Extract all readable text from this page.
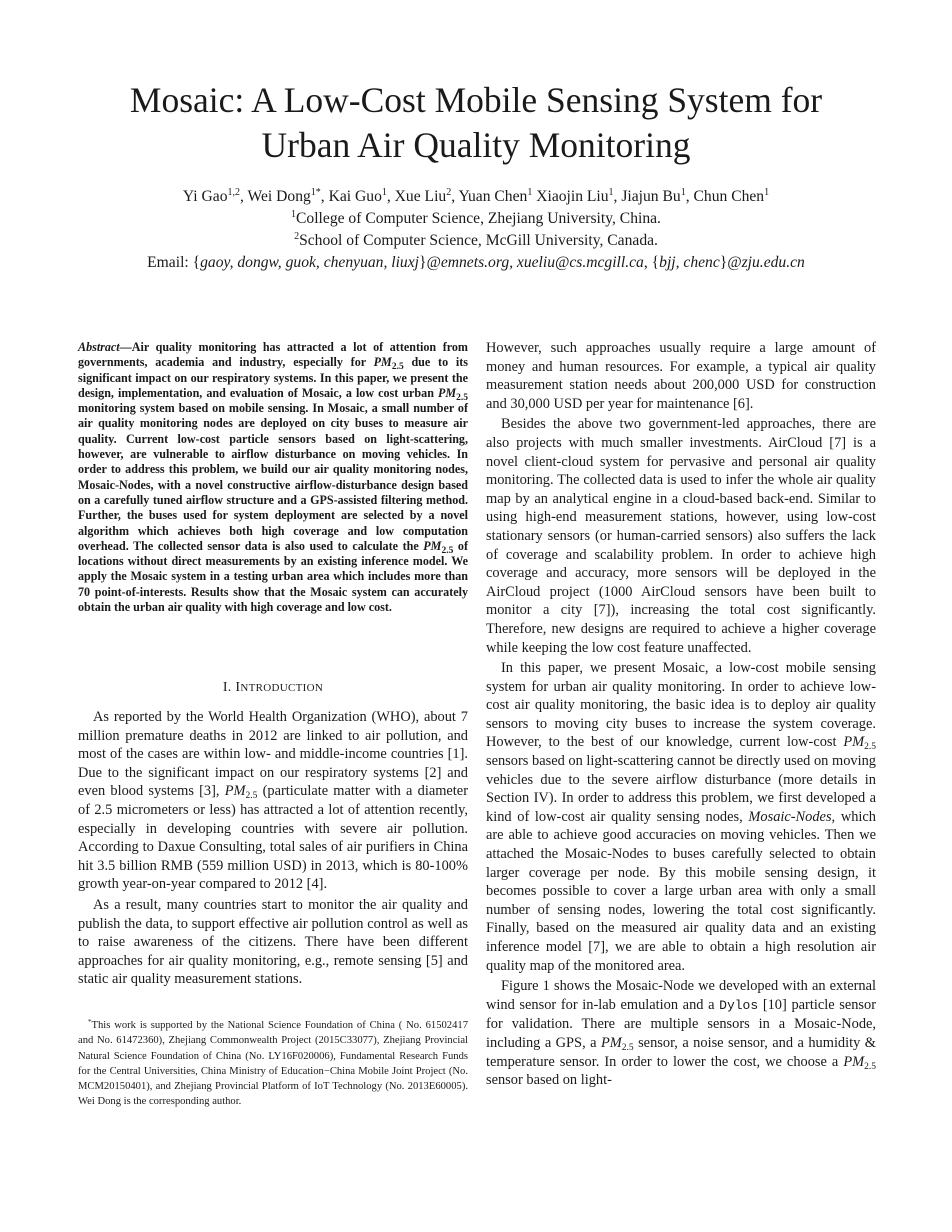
Mosaic: A Low-Cost Mobile Sensing System for
Urban Air Quality Monitoring
Yi Gao$^{1,2}$, Wei Dong$^{1*}$, Kai Guo$^1$, Xue Liu$^2$, Yuan Chen$^1$ Xiaojin Liu$^1$, Jiajun Bu$^1$, Chun Chen$^1$
$^1$College of Computer Science, Zhejiang University, China.
$^2$School of Computer Science, McGill University, Canada.
Email: {gaoy, dongw, guok, chenyuan, liuxj}@emnets.org, xueliu@cs.mcgill.ca, {bjj, chenc}@zju.edu.cn

Abstract—Air quality monitoring has attracted a lot of attention from governments, academia and industry, especially for $PM_{2.5}$ due to its significant impact on our respiratory systems. In this paper, we present the design, implementation, and evaluation of Mosaic, a low cost urban $PM_{2.5}$ monitoring system based on mobile sensing. In Mosaic, a small number of air quality monitoring nodes are deployed on city buses to measure air quality. Current low-cost particle sensors based on light-scattering, however, are vulnerable to airflow disturbance on moving vehicles. In order to address this problem, we build our air quality monitoring nodes, Mosaic-Nodes, with a novel constructive airflow-disturbance design based on a carefully tuned airflow structure and a GPS-assisted filtering method. Further, the buses used for system deployment are selected by a novel algorithm which achieves both high coverage and low computation overhead. The collected sensor data is also used to calculate the $PM_{2.5}$ of locations without direct measurements by an existing inference model. We apply the Mosaic system in a testing urban area which includes more than 70 point-of-interests. Results show that the Mosaic system can accurately obtain the urban air quality with high coverage and low cost.

I. INTRODUCTION

As reported by the World Health Organization (WHO), about 7 million premature deaths in 2012 are linked to air pollution, and most of the cases are within low- and middle-income countries [1]. Due to the significant impact on our respiratory systems [2] and even blood systems [3], $PM_{2.5}$ (particulate matter with a diameter of 2.5 micrometers or less) has attracted a lot of attention recently, especially in developing countries with severe air pollution. According to Daxue Consulting, total sales of air purifiers in China hit 3.5 billion RMB (559 million USD) in 2013, which is 80-100% growth year-on-year compared to 2012 [4].

As a result, many countries start to monitor the air quality and publish the data, to support effective air pollution control as well as to raise awareness of the citizens. There have been different approaches for air quality monitoring, e.g., remote sensing [5] and static air quality measurement stations.

*This work is supported by the National Science Foundation of China ( No. 61502417 and No. 61472360), Zhejiang Commonwealth Project (2015C33077), Zhejiang Provincial Natural Science Foundation of China (No. LY16F020006), Fundamental Research Funds for the Central Universities, China Ministry of Education−China Mobile Joint Project (No. MCM20150401), and Zhejiang Provincial Platform of IoT Technology (No. 2013E60005). Wei Dong is the corresponding author.

However, such approaches usually require a large amount of money and human resources. For example, a typical air quality measurement station needs about 200,000 USD for construction and 30,000 USD per year for maintenance [6].

Besides the above two government-led approaches, there are also projects with much smaller investments. AirCloud [7] is a novel client-cloud system for pervasive and personal air quality monitoring. The collected data is used to infer the whole air quality map by an analytical engine in a cloud-based back-end. Similar to using high-end measurement stations, however, using low-cost stationary sensors (or human-carried sensors) also suffers the lack of coverage and scalability problem. In order to achieve high coverage and accuracy, more sensors will be deployed in the AirCloud project (1000 AirCloud sensors have been built to monitor a city [7]), increasing the total cost significantly. Therefore, new designs are required to achieve a higher coverage while keeping the low cost feature unaffected.

In this paper, we present Mosaic, a low-cost mobile sensing system for urban air quality monitoring. In order to achieve low-cost air quality monitoring, the basic idea is to deploy air quality sensors to moving city buses to increase the system coverage. However, to the best of our knowledge, current low-cost $PM_{2.5}$ sensors based on light-scattering cannot be directly used on moving vehicles due to the severe airflow disturbance (more details in Section IV). In order to address this problem, we first developed a kind of low-cost air quality sensing nodes, Mosaic-Nodes, which are able to achieve good accuracies on moving vehicles. Then we attached the Mosaic-Nodes to buses carefully selected to obtain larger coverage per node. By this mobile sensing design, it becomes possible to cover a large urban area with only a small number of sensing nodes, lowering the total cost significantly. Finally, based on the measured air quality data and an existing inference model [7], we are able to obtain a high resolution air quality map of the monitored area.

Figure 1 shows the Mosaic-Node we developed with an external wind sensor for in-lab emulation and a Dylos [10] particle sensor for validation. There are multiple sensors in a Mosaic-Node, including a GPS, a $PM_{2.5}$ sensor, a noise sensor, and a humidity & temperature sensor. In order to lower the cost, we choose a $PM_{2.5}$ sensor based on light-
